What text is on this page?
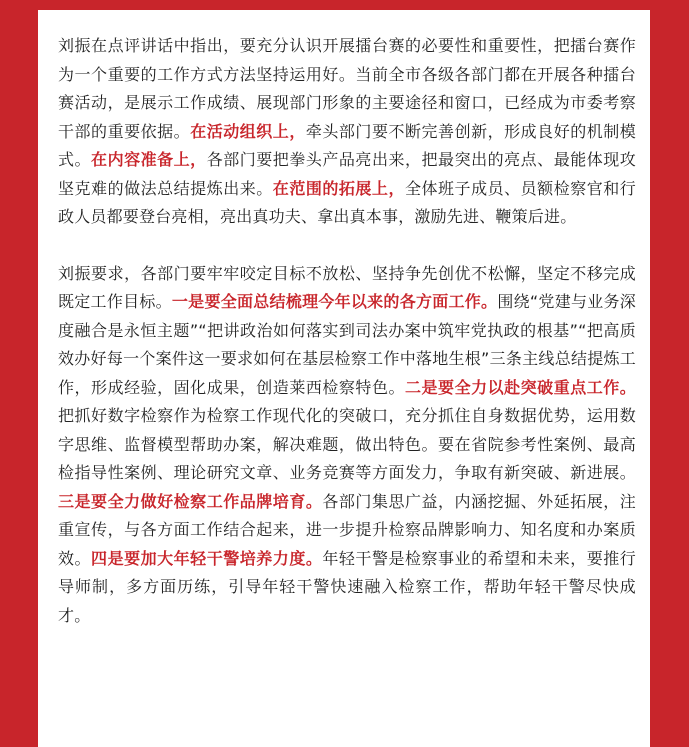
刘振在点评讲话中指出，要充分认识开展擂台赛的必要性和重要性，把擂台赛作为一个重要的工作方式方法坚持运用好。当前全市各级各部门都在开展各种擂台赛活动，是展示工作成绩、展现部门形象的主要途径和窗口，已经成为市委考察干部的重要依据。在活动组织上，牵头部门要不断完善创新，形成良好的机制模式。在内容准备上，各部门要把拳头产品亮出来，把最突出的亮点、最能体现攻坚克难的做法总结提炼出来。在范围的拓展上，全体班子成员、员额检察官和行政人员都要登台亮相，亮出真功夫、拿出真本事，激励先进、鞭策后进。

刘振要求，各部门要牢牢咬定目标不放松、坚持争先创优不松懈，坚定不移完成既定工作目标。一是要全面总结梳理今年以来的各方面工作。围绕“党建与业务深度融合是永恒主题”“把讲政治如何落实到司法办案中筑牢党执政的根基”“把高质效办好每一个案件这一要求如何在基层检察工作中落地生根”三条主线总结提炼工作，形成经验，固化成果，创造莱西检察特色。二是要全力以赴突破重点工作。把抓好数字检察作为检察工作现代化的突破口，充分抓住自身数据优势，运用数字思维、监督模型帮助办案，解决难题，做出特色。要在省院参考性案例、最高检指导性案例、理论研究文章、业务竞赛等方面发力，争取有新突破、新进展。三是要全力做好检察工作品牌培育。各部门集思广益，内涵挖掘、外延拓展，注重宣传，与各方面工作结合起来，进一步提升检察品牌影响力、知名度和办案质效。四是要加大年轻干警培养力度。年轻干警是检察事业的希望和未来，要推行导师制，多方面历练，引导年轻干警快速融入检察工作，帮助年轻干警尽快成才。
